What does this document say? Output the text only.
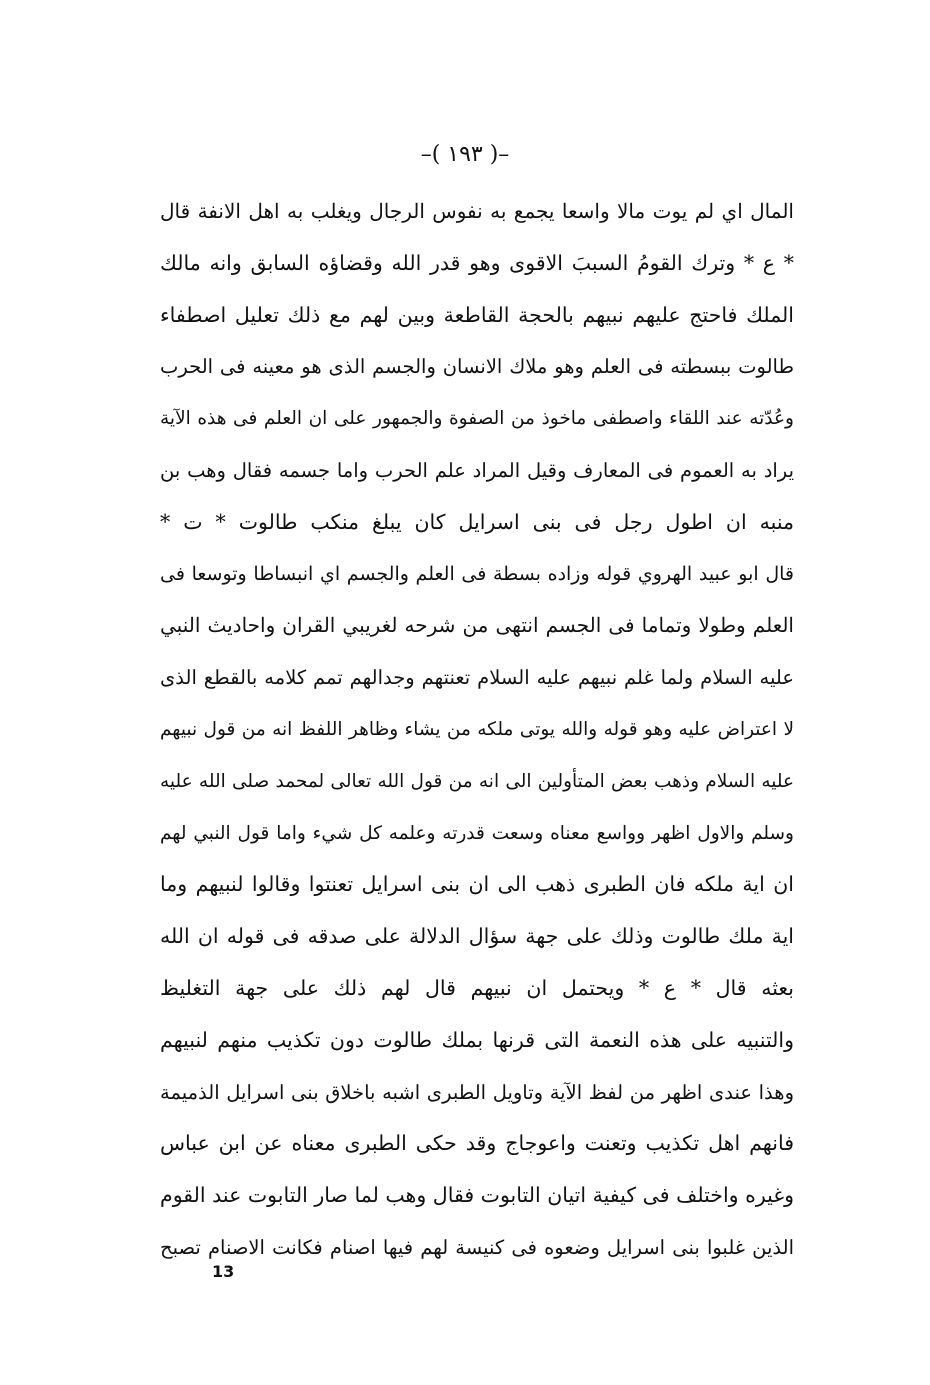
–( ١٩٣ )–
المال اي لم يوت مالا واسعا يجمع به نفوس الرجال ويغلب به اهل الانفة قال
* ع * وترك القومُ السببَ الاقوى وهو قدر الله وقضاؤه السابق وانه مالك
الملك فاحتج عليهم نبيهم بالحجة القاطعة وبين لهم مع ذلك تعليل اصطفاء
طالوت ببسطته فى العلم وهو ملاك الانسان والجسم الذى هو معينه فى الحرب
وعُدّته عند اللقاء واصطفى ماخوذ من الصفوة والجمهور على ان العلم فى هذه الآية
يراد به العموم فى المعارف وقيل المراد علم الحرب واما جسمه فقال وهب بن
منبه ان اطول رجل فى بنى اسرايل كان يبلغ منكب طالوت * ت *
قال ابو عبيد الهروي قوله وزاده بسطة فى العلم والجسم اي انبساطا وتوسعا فى
العلم وطولا وتماما فى الجسم انتهى من شرحه لغريبي القران واحاديث النبي
عليه السلام ولما غلم نبيهم عليه السلام تعنتهم وجدالهم تمم كلامه بالقطع الذى
لا اعتراض عليه وهو قوله والله يوتى ملكه من يشاء وظاهر اللفظ انه من قول نبيهم
عليه السلام وذهب بعض المتأولين الى انه من قول الله تعالى لمحمد صلى الله عليه
وسلم والاول اظهر وواسع معناه وسعت قدرته وعلمه كل شيء واما قول النبي لهم
ان اية ملكه فان الطبرى ذهب الى ان بنى اسرايل تعنتوا وقالوا لنبيهم وما
اية ملك طالوت وذلك على جهة سؤال الدلالة على صدقه فى قوله ان الله
بعثه قال * ع * ويحتمل ان نبيهم قال لهم ذلك على جهة التغليظ
والتنبيه على هذه النعمة التى قرنها بملك طالوت دون تكذيب منهم لنبيهم
وهذا عندى اظهر من لفظ الآية وتاويل الطبرى اشبه باخلاق بنى اسرايل الذميمة
فانهم اهل تكذيب وتعنت واعوجاج وقد حكى الطبرى معناه عن ابن عباس
وغيره واختلف فى كيفية اتيان التابوت فقال وهب لما صار التابوت عند القوم
الذين غلبوا بنى اسرايل وضعوه فى كنيسة لهم فيها اصنام فكانت الاصنام تصبح
13
